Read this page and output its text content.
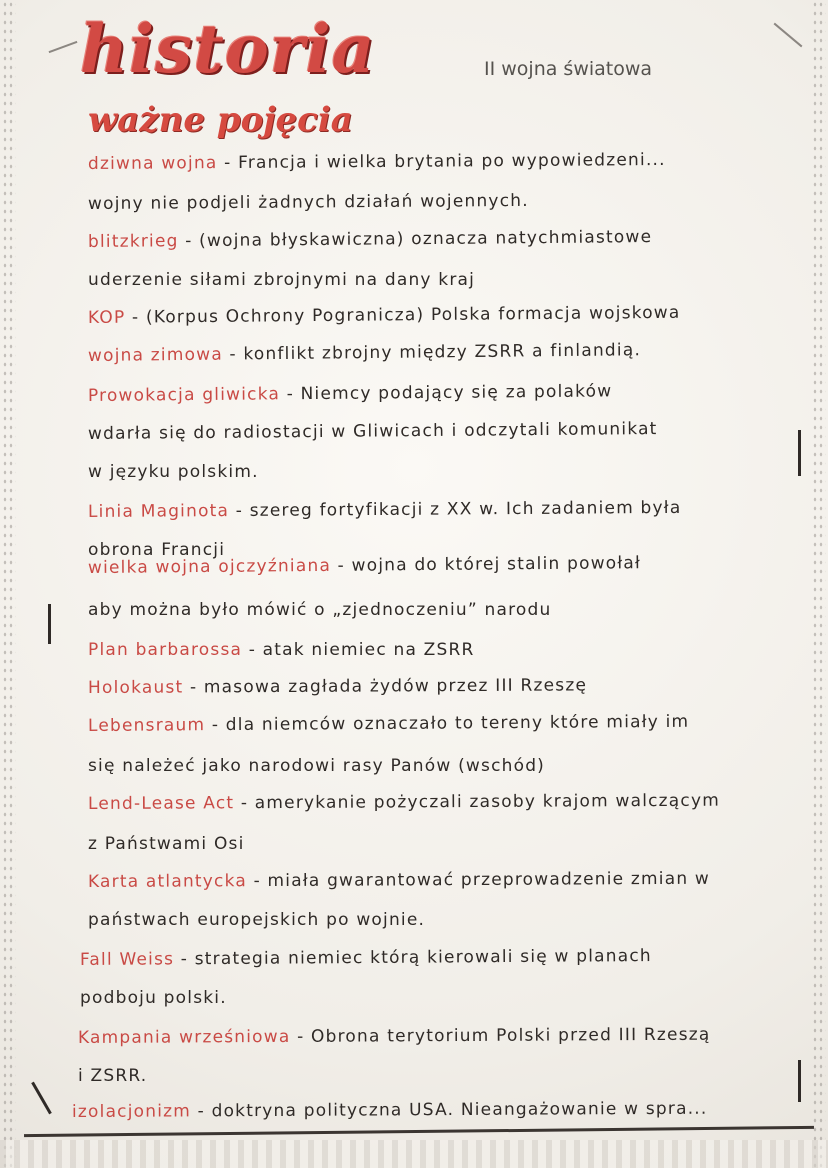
historia
ważne pojęcia
II wojna światowa
dziwna wojna - Francja i wielka brytania po wypowiedzeni...
wojny nie podjeli żadnych działań wojennych.
blitzkrieg - (wojna błyskawiczna) oznacza natychmiastowe
uderzenie siłami zbrojnymi na dany kraj
KOP - (Korpus Ochrony Pogranicza) Polska formacja wojskowa
wojna zimowa - konflikt zbrojny między ZSRR a finlandią.
Prowokacja gliwicka - Niemcy podający się za polaków
wdarła się do radiostacji w Gliwicach i odczytali komunikat
w języku polskim.
Linia Maginota - szereg fortyfikacji z XX w. Ich zadaniem była
obrona Francji
wielka wojna ojczyźniana - wojna do której stalin powołał
aby można było mówić o „zjednoczeniu” narodu
Plan barbarossa - atak niemiec na ZSRR
Holokaust - masowa zagłada żydów przez III Rzeszę
Lebensraum - dla niemców oznaczało to tereny które miały im
się należeć jako narodowi rasy Panów (wschód)
Lend-Lease Act - amerykanie pożyczali zasoby krajom walczącym
z Państwami Osi
Karta atlantycka - miała gwarantować przeprowadzenie zmian w
państwach europejskich po wojnie.
Fall Weiss - strategia niemiec którą kierowali się w planach
podboju polski.
Kampania wrześniowa - Obrona terytorium Polski przed III Rzeszą
i ZSRR.
izolacjonizm - doktryna polityczna USA. Nieangażowanie w spra...
